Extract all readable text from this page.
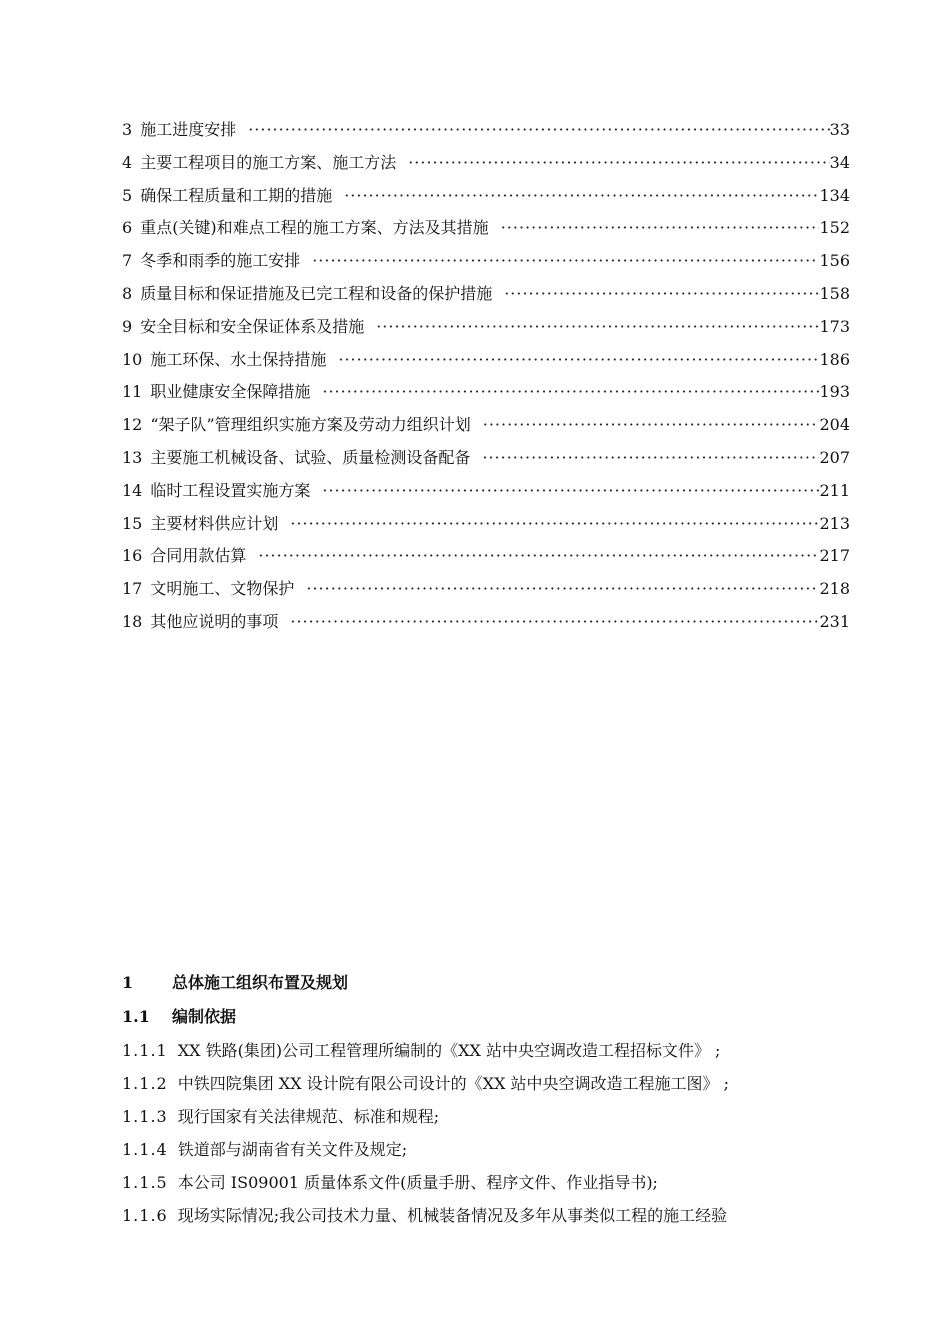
3 施工进度安排 ·····	33
4 主要工程项目的施工方案、施工方法 ·····	34
5 确保工程质量和工期的措施 ·····	134
6 重点(关键)和难点工程的施工方案、方法及其措施 ·····	152
7 冬季和雨季的施工安排 ·····	156
8 质量目标和保证措施及已完工程和设备的保护措施 ·····	158
9 安全目标和安全保证体系及措施 ·····	173
10 施工环保、水土保持措施 ·····	186
11 职业健康安全保障措施 ·····	193
12 “架子队”管理组织实施方案及劳动力组织计划 ·····	204
13 主要施工机械设备、试验、质量检测设备配备 ·····	207
14 临时工程设置实施方案 ·····	211
15 主要材料供应计划 ·····	213
16 合同用款估算 ·····	217
17 文明施工、文物保护 ·····	218
18 其他应说明的事项 ·····	231
1	总体施工组织布置及规划
1.1	编制依据
1.1.1 XX 铁路(集团)公司工程管理所编制的《XX 站中央空调改造工程招标文件》 ;
1.1.2 中铁四院集团 XX 设计院有限公司设计的《XX 站中央空调改造工程施工图》 ;
1.1.3 现行国家有关法律规范、标准和规程;
1.1.4 铁道部与湖南省有关文件及规定;
1.1.5 本公司 IS09001 质量体系文件(质量手册、程序文件、作业指导书);
1.1.6 现场实际情况;我公司技术力量、机械装备情况及多年从事类似工程的施工经验
